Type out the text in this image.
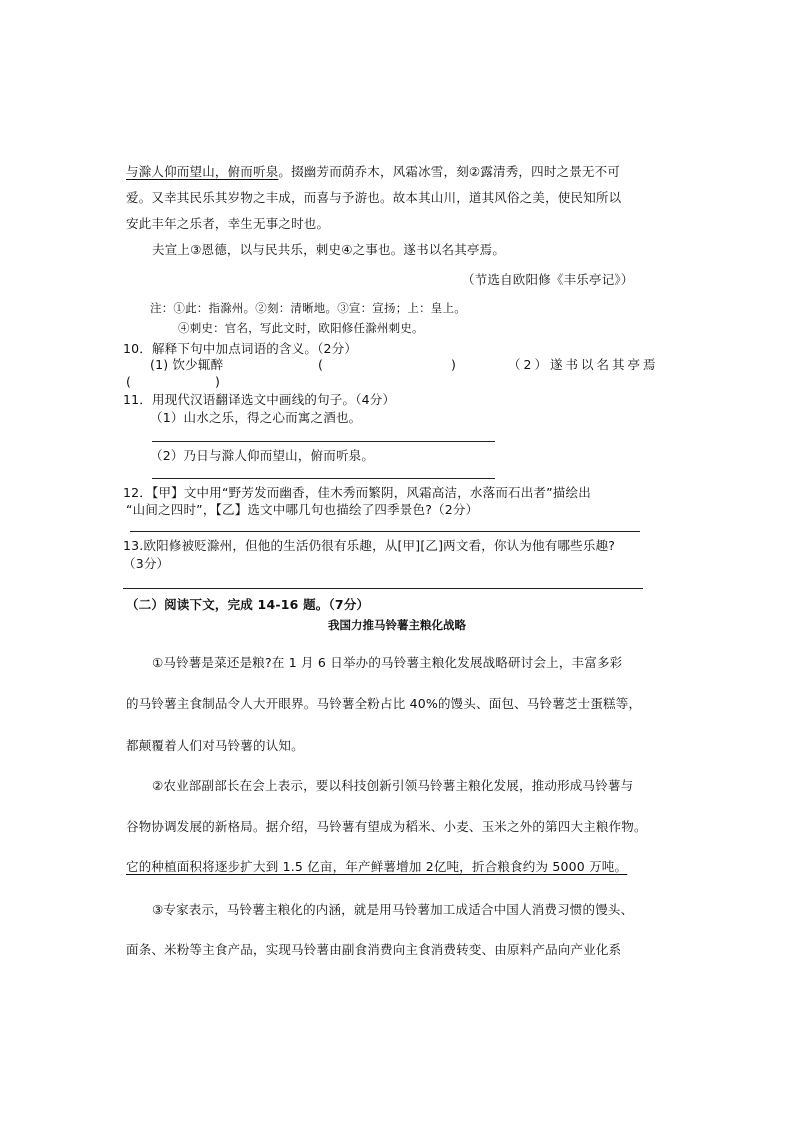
与滁人仰而望山，俯而听泉。掇幽芳而荫乔木，风霜冰雪，刻②露清秀，四时之景无不可
爱。又幸其民乐其岁物之丰成，而喜与予游也。故本其山川，道其风俗之美，使民知所以
安此丰年之乐者，幸生无事之时也。
夫宣上③恩德，以与民共乐，刺史④之事也。遂书以名其亭焉。
（节选自欧阳修《丰乐亭记》）
注：①此：指滁州。②刻：清晰地。③宣：宣扬；上：皇上。
④刺史：官名，写此文时，欧阳修任滁州刺史。
10．解释下句中加点词语的含义。（2分）
(1) 饮少辄醉	(	)	（2）遂书以名其亭焉
(	)
11．用现代汉语翻译选文中画线的句子。（4分）
（1）山水之乐，得之心而寓之酒也。
（2）乃日与滁人仰而望山，俯而听泉。
12．【甲】文中用“野芳发而幽香，佳木秀而繁阴，风霜高洁，水落而石出者”描绘出
“山间之四时”，【乙】选文中哪几句也描绘了四季景色?（2分）
13.欧阳修被贬滁州，但他的生活仍很有乐趣，从[甲][乙]两文看，你认为他有哪些乐趣?
（3分）
（二）阅读下文，完成 14-16 题。（7分）
我国力推马铃薯主粮化战略
①马铃薯是菜还是粮?在 1 月 6 日举办的马铃薯主粮化发展战略研讨会上，丰富多彩
的马铃薯主食制品令人大开眼界。马铃薯全粉占比 40%的馒头、面包、马铃薯芝士蛋糕等，
都颠覆着人们对马铃薯的认知。
②农业部副部长在会上表示，要以科技创新引领马铃薯主粮化发展，推动形成马铃薯与
谷物协调发展的新格局。据介绍，马铃薯有望成为稻米、小麦、玉米之外的第四大主粮作物。
它的种植面积将逐步扩大到 1.5 亿亩，年产鲜薯增加 2亿吨，折合粮食约为 5000 万吨。
③专家表示，马铃薯主粮化的内涵，就是用马铃薯加工成适合中国人消费习惯的馒头、
面条、米粉等主食产品，实现马铃薯由副食消费向主食消费转变、由原料产品向产业化系
